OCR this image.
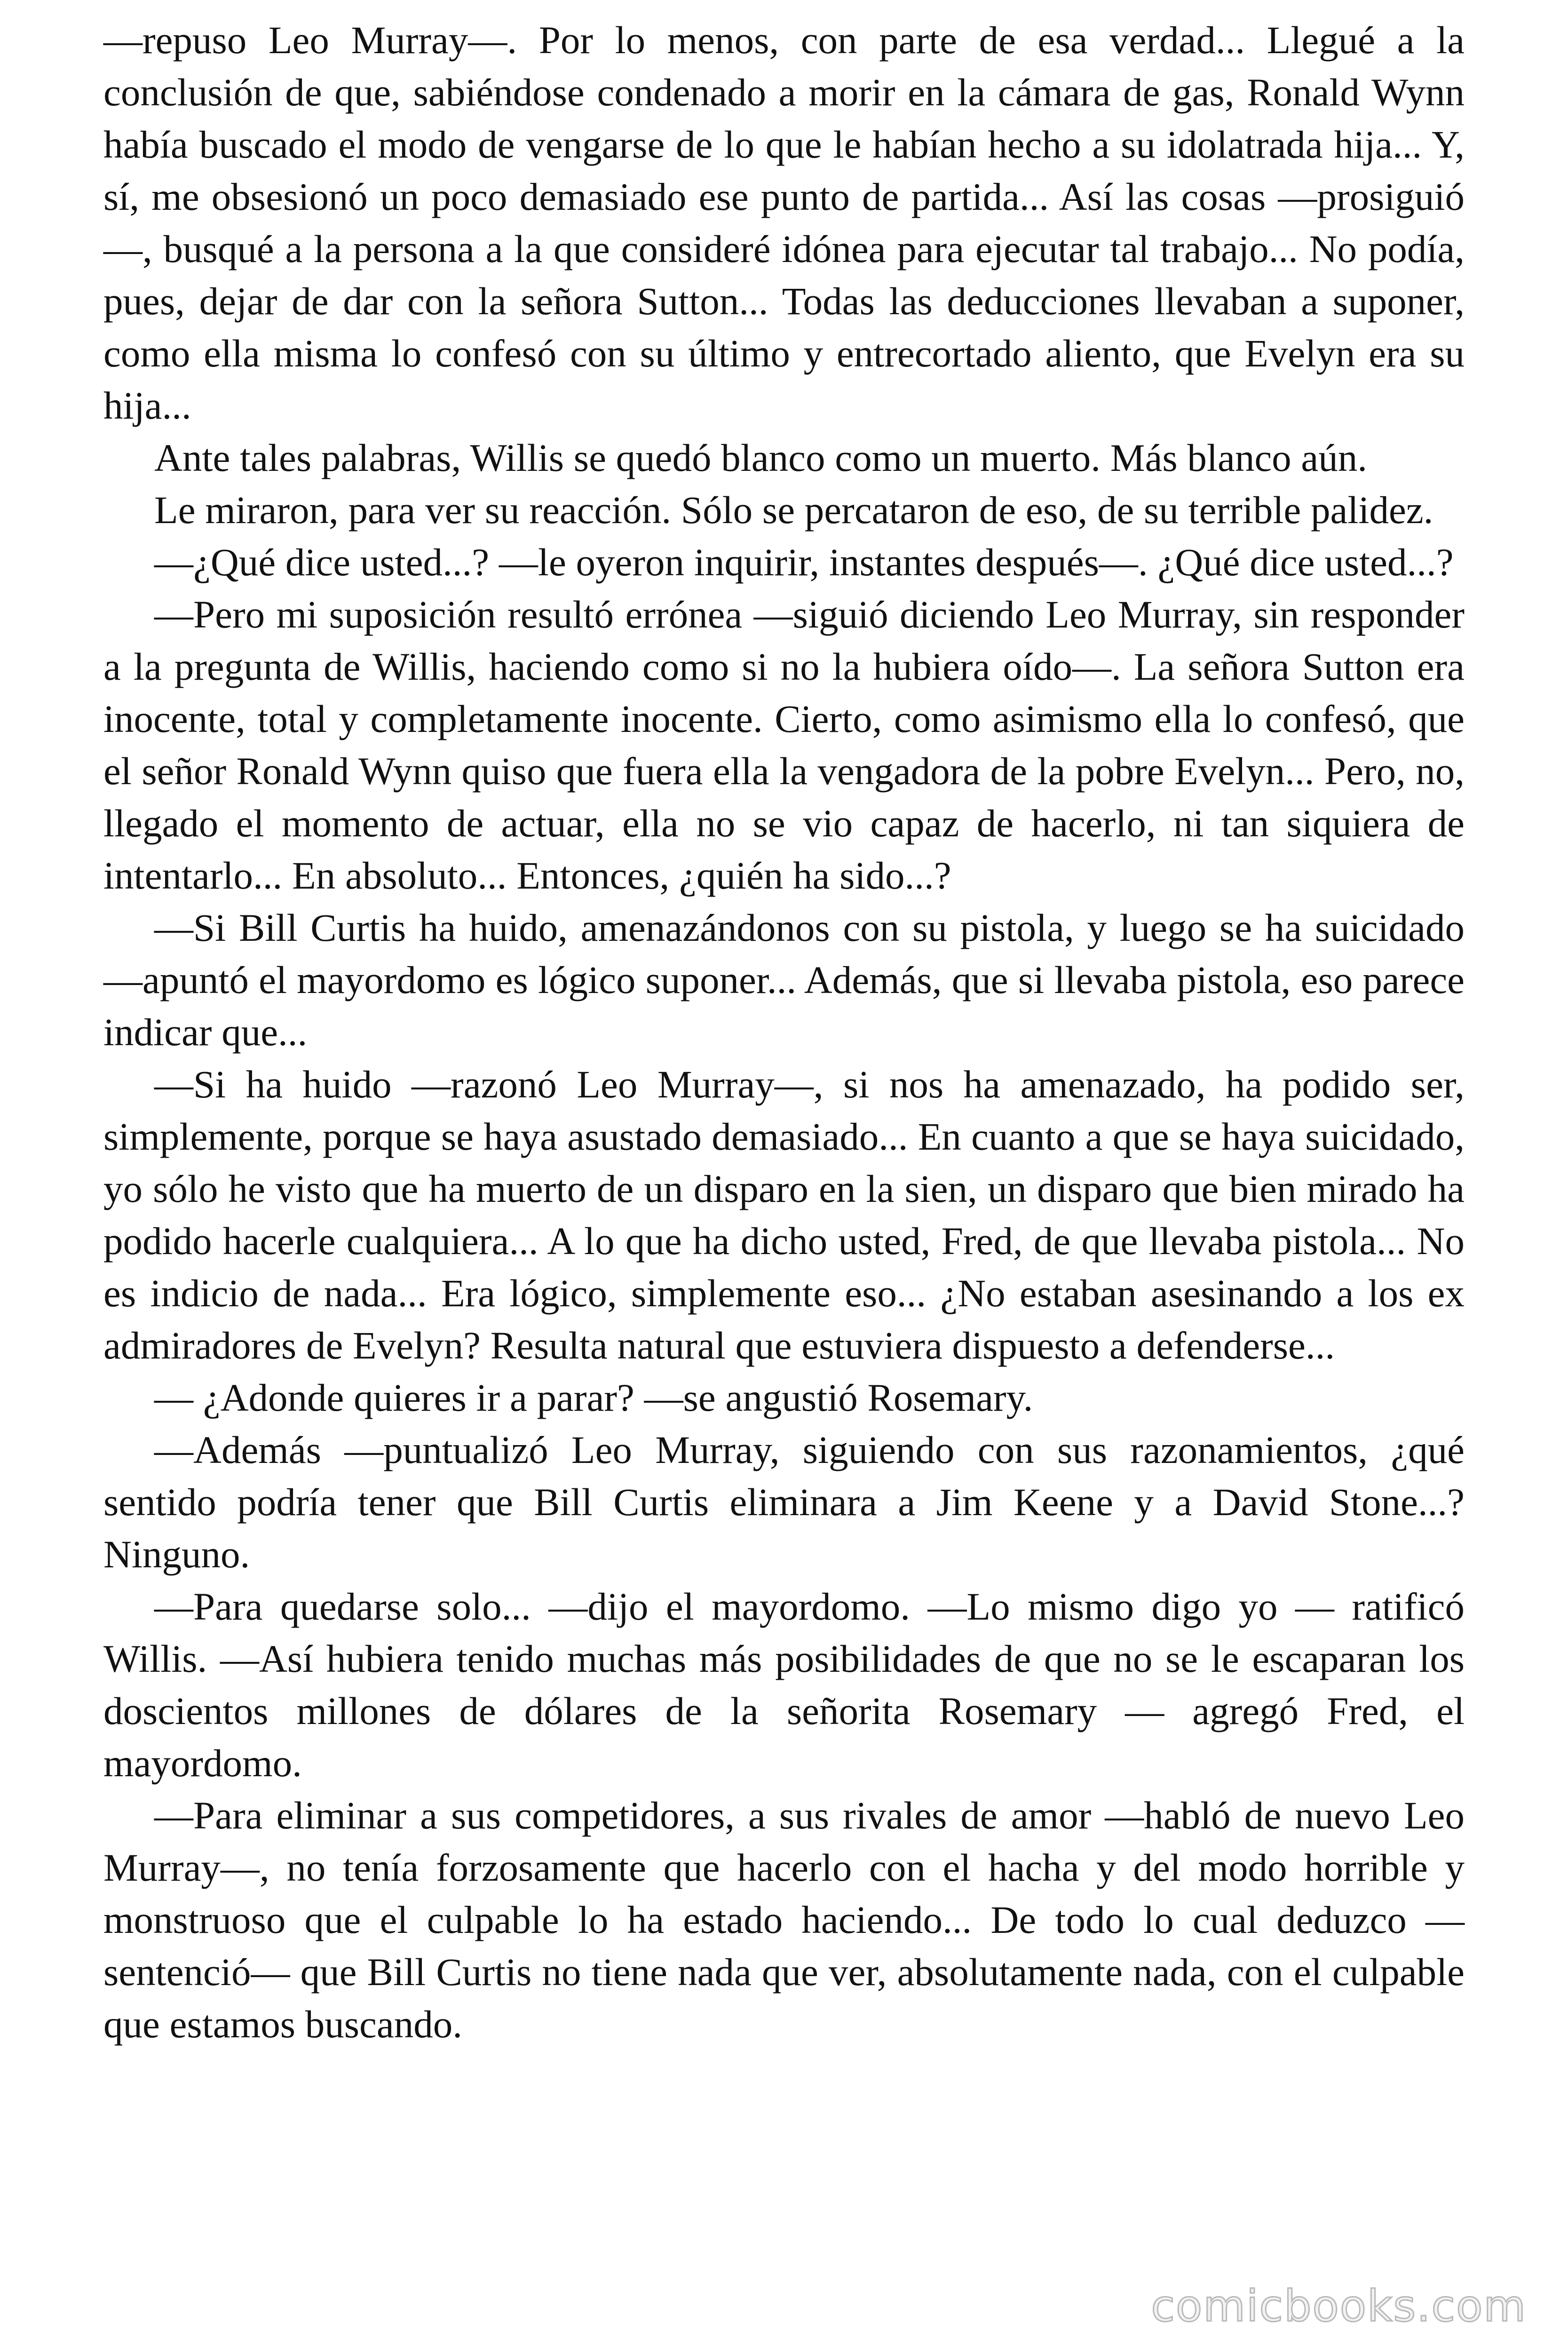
—repuso Leo Murray—. Por lo menos, con parte de esa verdad... Llegué a la conclusión de que, sabiéndose condenado a morir en la cámara de gas, Ronald Wynn había buscado el modo de vengarse de lo que le habían hecho a su idolatrada hija... Y, sí, me obsesionó un poco demasiado ese punto de partida... Así las cosas —prosiguió—, busqué a la persona a la que consideré idónea para ejecutar tal trabajo... No podía, pues, dejar de dar con la señora Sutton... Todas las deducciones llevaban a suponer, como ella misma lo confesó con su último y entrecortado aliento, que Evelyn era su hija...

Ante tales palabras, Willis se quedó blanco como un muerto. Más blanco aún.

Le miraron, para ver su reacción. Sólo se percataron de eso, de su terrible palidez.

—¿Qué dice usted...? —le oyeron inquirir, instantes después—. ¿Qué dice usted...?

—Pero mi suposición resultó errónea —siguió diciendo Leo Murray, sin responder a la pregunta de Willis, haciendo como si no la hubiera oído—. La señora Sutton era inocente, total y completamente inocente. Cierto, como asimismo ella lo confesó, que el señor Ronald Wynn quiso que fuera ella la vengadora de la pobre Evelyn... Pero, no, llegado el momento de actuar, ella no se vio capaz de hacerlo, ni tan siquiera de intentarlo... En absoluto... Entonces, ¿quién ha sido...?

—Si Bill Curtis ha huido, amenazándonos con su pistola, y luego se ha suicidado —apuntó el mayordomo es lógico suponer... Además, que si llevaba pistola, eso parece indicar que...

—Si ha huido —razonó Leo Murray—, si nos ha amenazado, ha podido ser, simplemente, porque se haya asustado demasiado... En cuanto a que se haya suicidado, yo sólo he visto que ha muerto de un disparo en la sien, un disparo que bien mirado ha podido hacerle cualquiera... A lo que ha dicho usted, Fred, de que llevaba pistola... No es indicio de nada... Era lógico, simplemente eso... ¿No estaban asesinando a los ex admiradores de Evelyn? Resulta natural que estuviera dispuesto a defenderse...

— ¿Adonde quieres ir a parar? —se angustió Rosemary.

—Además —puntualizó Leo Murray, siguiendo con sus razonamientos, ¿qué sentido podría tener que Bill Curtis eliminara a Jim Keene y a David Stone...? Ninguno.

—Para quedarse solo... —dijo el mayordomo. —Lo mismo digo yo — ratificó Willis. —Así hubiera tenido muchas más posibilidades de que no se le escaparan los doscientos millones de dólares de la señorita Rosemary — agregó Fred, el mayordomo.

—Para eliminar a sus competidores, a sus rivales de amor —habló de nuevo Leo Murray—, no tenía forzosamente que hacerlo con el hacha y del modo horrible y monstruoso que el culpable lo ha estado haciendo... De todo lo cual deduzco —sentenció— que Bill Curtis no tiene nada que ver, absolutamente nada, con el culpable que estamos buscando.

comicbooks.com
